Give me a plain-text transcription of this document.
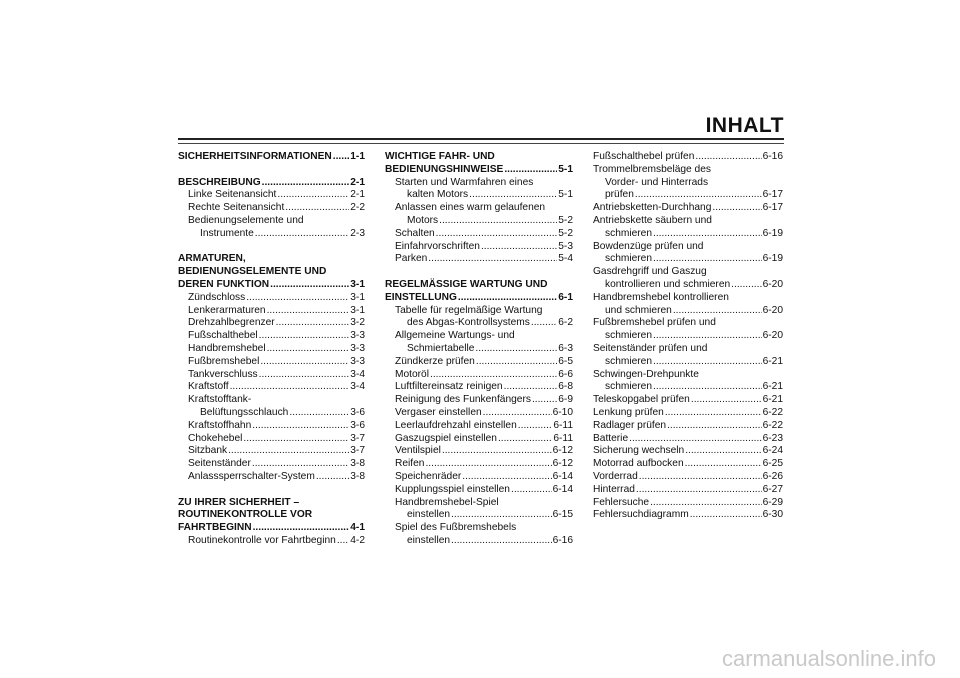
INHALT
SICHERHEITSINFORMATIONEN ..... 1-1
BESCHREIBUNG .....	2-1
Linke Seitenansicht .....	2-1
Rechte Seitenansicht .....	2-2
Bedienungselemente und
Instrumente .....	2-3
ARMATUREN,
BEDIENUNGSELEMENTE UND
DEREN FUNKTION .....	3-1
Zündschloss .....	3-1
Lenkerarmaturen .....	3-1
Drehzahlbegrenzer .....	3-2
Fußschalthebel .....	3-3
Handbremshebel .....	3-3
Fußbremshebel .....	3-3
Tankverschluss .....	3-4
Kraftstoff .....	3-4
Kraftstofftank-
Belüftungsschlauch .....	3-6
Kraftstoffhahn .....	3-6
Chokehebel .....	3-7
Sitzbank .....	3-7
Seitenständer .....	3-8
Anlasssperrschalter-System .....	3-8
ZU IHRER SICHERHEIT –
ROUTINEKONTROLLE VOR
FAHRTBEGINN .....	4-1
Routinekontrolle vor Fahrtbeginn ..... 4-2
WICHTIGE FAHR- UND
BEDIENUNGSHINWEISE .....	5-1
Starten und Warmfahren eines
kalten Motors .....	5-1
Anlassen eines warm gelaufenen
Motors .....	5-2
Schalten .....	5-2
Einfahrvorschriften .....	5-3
Parken .....	5-4
REGELMÄSSIGE WARTUNG UND
EINSTELLUNG .....	6-1
Tabelle für regelmäßige Wartung
des Abgas-Kontrollsystems .....	6-2
Allgemeine Wartungs- und
Schmiertabelle .....	6-3
Zündkerze prüfen .....	6-5
Motoröl .....	6-6
Luftfiltereinsatz reinigen .....	6-8
Reinigung des Funkenfängers .....	6-9
Vergaser einstellen .....	6-10
Leerlaufdrehzahl einstellen .....	6-11
Gaszugspiel einstellen .....	6-11
Ventilspiel .....	6-12
Reifen .....	6-12
Speichenräder .....	6-14
Kupplungsspiel einstellen .....	6-14
Handbremshebel-Spiel
einstellen .....	6-15
Spiel des Fußbremshebels
einstellen .....	6-16
Fußschalthebel prüfen .....	6-16
Trommelbremsbeläge des
Vorder- und Hinterrads
prüfen .....	6-17
Antriebsketten-Durchhang .....	6-17
Antriebskette säubern und
schmieren .....	6-19
Bowdenzüge prüfen und
schmieren .....	6-19
Gasdrehgriff und Gaszug
kontrollieren und schmieren .....	6-20
Handbremshebel kontrollieren
und schmieren .....	6-20
Fußbremshebel prüfen und
schmieren .....	6-20
Seitenständer prüfen und
schmieren .....	6-21
Schwingen-Drehpunkte
schmieren .....	6-21
Teleskopgabel prüfen .....	6-21
Lenkung prüfen .....	6-22
Radlager prüfen .....	6-22
Batterie .....	6-23
Sicherung wechseln .....	6-24
Motorrad aufbocken .....	6-25
Vorderrad .....	6-26
Hinterrad .....	6-27
Fehlersuche .....	6-29
Fehlersuchdiagramm .....	6-30
carmanualsonline.info
